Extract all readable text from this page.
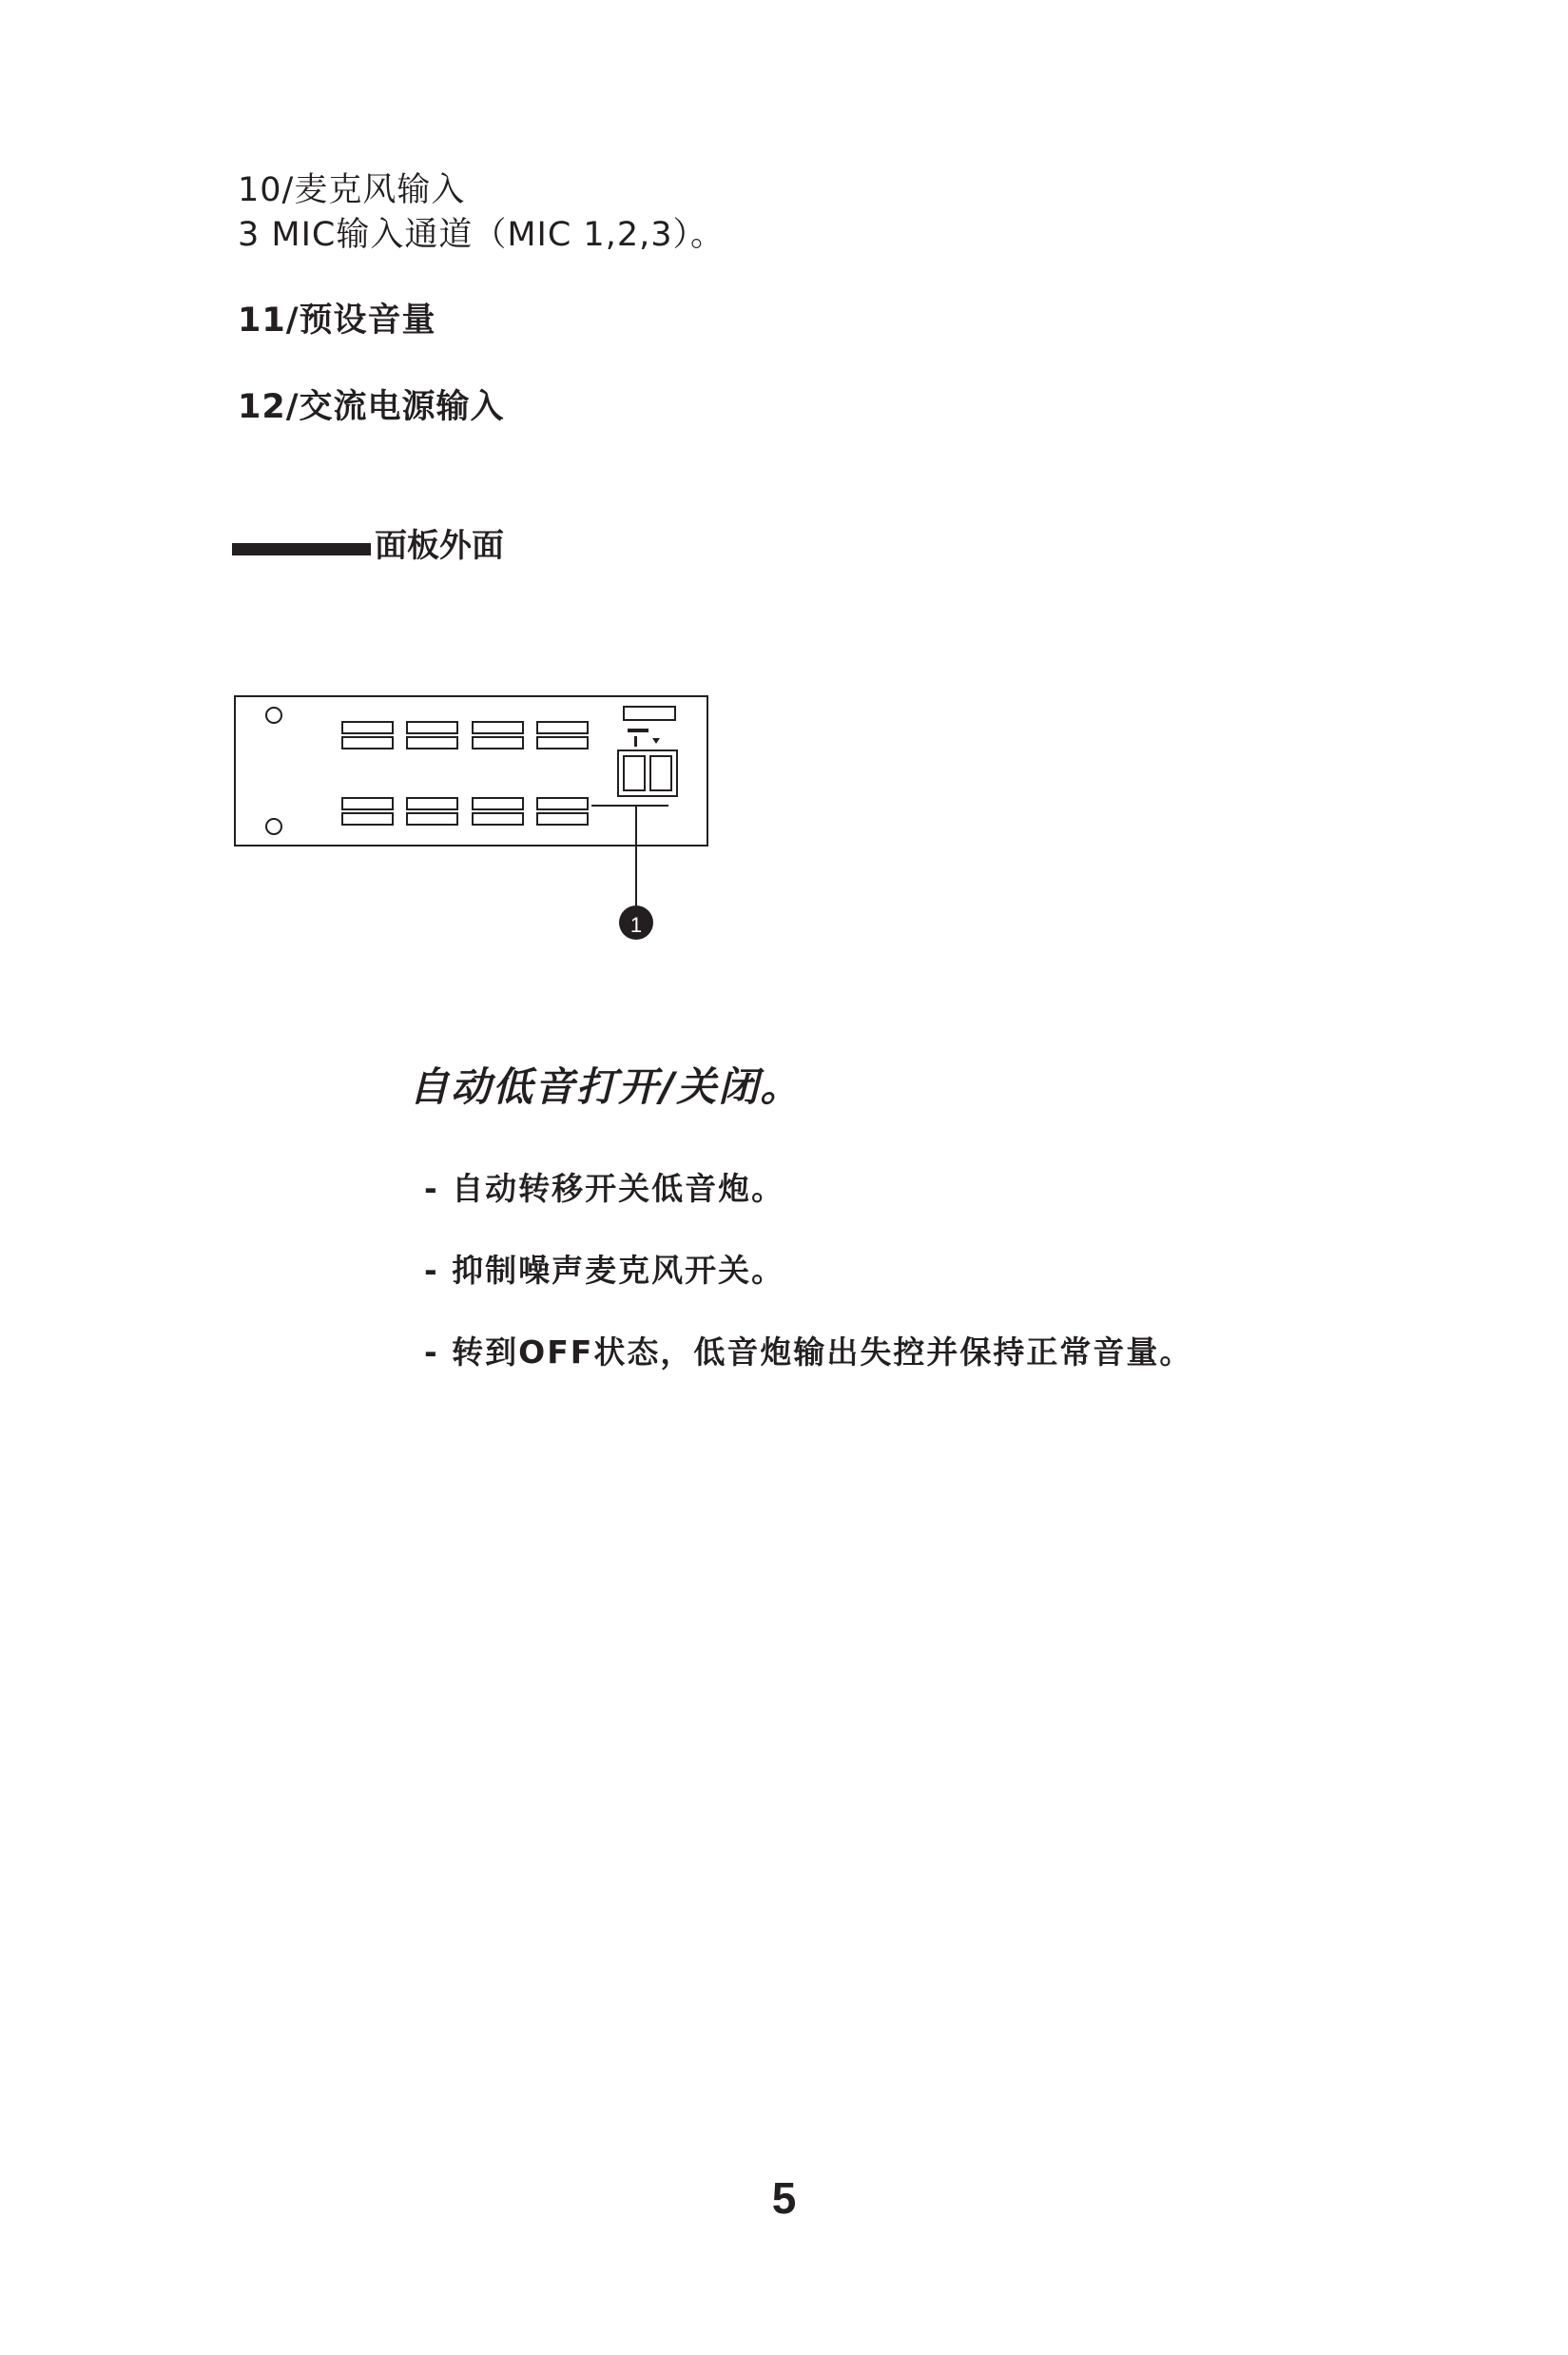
10/麦克风输入
3 MIC输入通道（MIC 1,2,3）。
11/预设音量
12/交流电源输入
面板外面
1
自动低音打开/关闭。
- 自动转移开关低音炮。
- 抑制噪声麦克风开关。
- 转到OFF状态，低音炮输出失控并保持正常音量。
5
